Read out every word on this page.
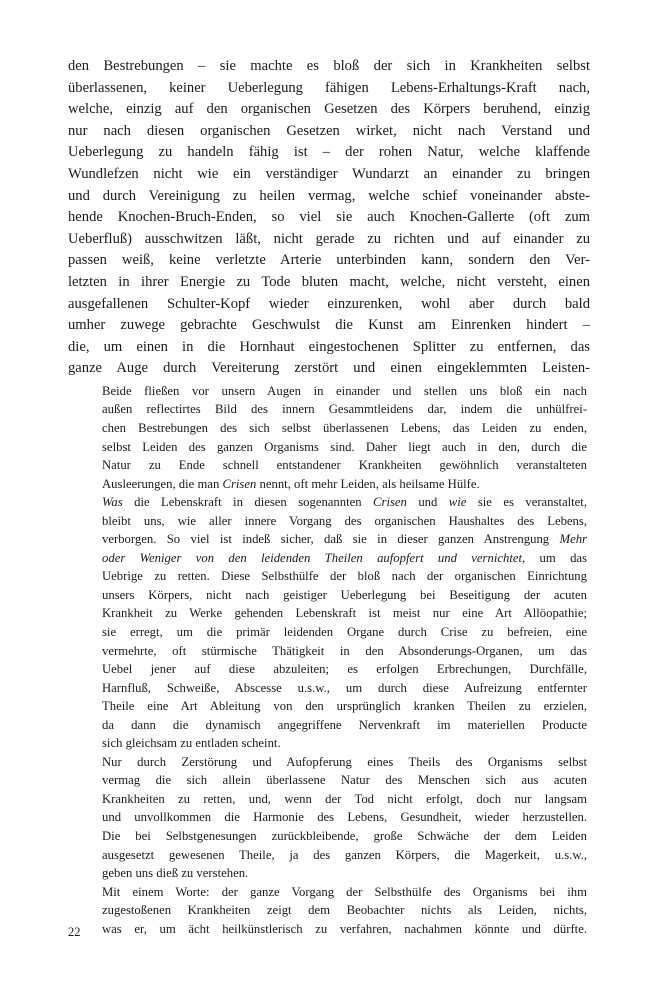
den Bestrebungen – sie machte es bloß der sich in Krankheiten selbst
überlassenen, keiner Ueberlegung fähigen Lebens-Erhaltungs-Kraft nach,
welche, einzig auf den organischen Gesetzen des Körpers beruhend, einzig
nur nach diesen organischen Gesetzen wirket, nicht nach Verstand und
Ueberlegung zu handeln fähig ist – der rohen Natur, welche klaffende
Wundlefzen nicht wie ein verständiger Wundarzt an einander zu bringen
und durch Vereinigung zu heilen vermag, welche schief voneinander abste-
hende Knochen-Bruch-Enden, so viel sie auch Knochen-Gallerte (oft zum
Ueberfluß) ausschwitzen läßt, nicht gerade zu richten und auf einander zu
passen weiß, keine verletzte Arterie unterbinden kann, sondern den Ver-
letzten in ihrer Energie zu Tode bluten macht, welche, nicht versteht, einen
ausgefallenen Schulter-Kopf wieder einzurenken, wohl aber durch bald
umher zuwege gebrachte Geschwulst die Kunst am Einrenken hindert –
die, um einen in die Hornhaut eingestochenen Splitter zu entfernen, das
ganze Auge durch Vereiterung zerstört und einen eingeklemmten Leisten-
Beide fließen vor unsern Augen in einander und stellen uns bloß ein nach
außen reflectirtes Bild des innern Gesammtleidens dar, indem die unhülfrei-
chen Bestrebungen des sich selbst überlassenen Lebens, das Leiden zu enden,
selbst Leiden des ganzen Organisms sind. Daher liegt auch in den, durch die
Natur zu Ende schnell entstandener Krankheiten gewöhnlich veranstalteten
Ausleerungen, die man Crisen nennt, oft mehr Leiden, als heilsame Hülfe.
Was die Lebenskraft in diesen sogenannten Crisen und wie sie es veranstaltet,
bleibt uns, wie aller innere Vorgang des organischen Haushaltes des Lebens,
verborgen. So viel ist indeß sicher, daß sie in dieser ganzen Anstrengung Mehr
oder Weniger von den leidenden Theilen aufopfert und vernichtet, um das
Uebrige zu retten. Diese Selbsthülfe der bloß nach der organischen Einrichtung
unsers Körpers, nicht nach geistiger Ueberlegung bei Beseitigung der acuten
Krankheit zu Werke gehenden Lebenskraft ist meist nur eine Art Allöopathie;
sie erregt, um die primär leidenden Organe durch Crise zu befreien, eine
vermehrte, oft stürmische Thätigkeit in den Absonderungs-Organen, um das
Uebel jener auf diese abzuleiten; es erfolgen Erbrechungen, Durchfälle,
Harnfluß, Schweiße, Abscesse u.s.w., um durch diese Aufreizung entfernter
Theile eine Art Ableitung von den ursprünglich kranken Theilen zu erzielen,
da dann die dynamisch angegriffene Nervenkraft im materiellen Producte
sich gleichsam zu entladen scheint.
Nur durch Zerstörung und Aufopferung eines Theils des Organisms selbst
vermag die sich allein überlassene Natur des Menschen sich aus acuten
Krankheiten zu retten, und, wenn der Tod nicht erfolgt, doch nur langsam
und unvollkommen die Harmonie des Lebens, Gesundheit, wieder herzustellen.
Die bei Selbstgenesungen zurückbleibende, große Schwäche der dem Leiden
ausgesetzt gewesenen Theile, ja des ganzen Körpers, die Magerkeit, u.s.w.,
geben uns dieß zu verstehen.
Mit einem Worte: der ganze Vorgang der Selbsthülfe des Organisms bei ihm
zugestoßenen Krankheiten zeigt dem Beobachter nichts als Leiden, nichts,
was er, um ächt heilkünstlerisch zu verfahren, nachahmen könnte und dürfte.
22
